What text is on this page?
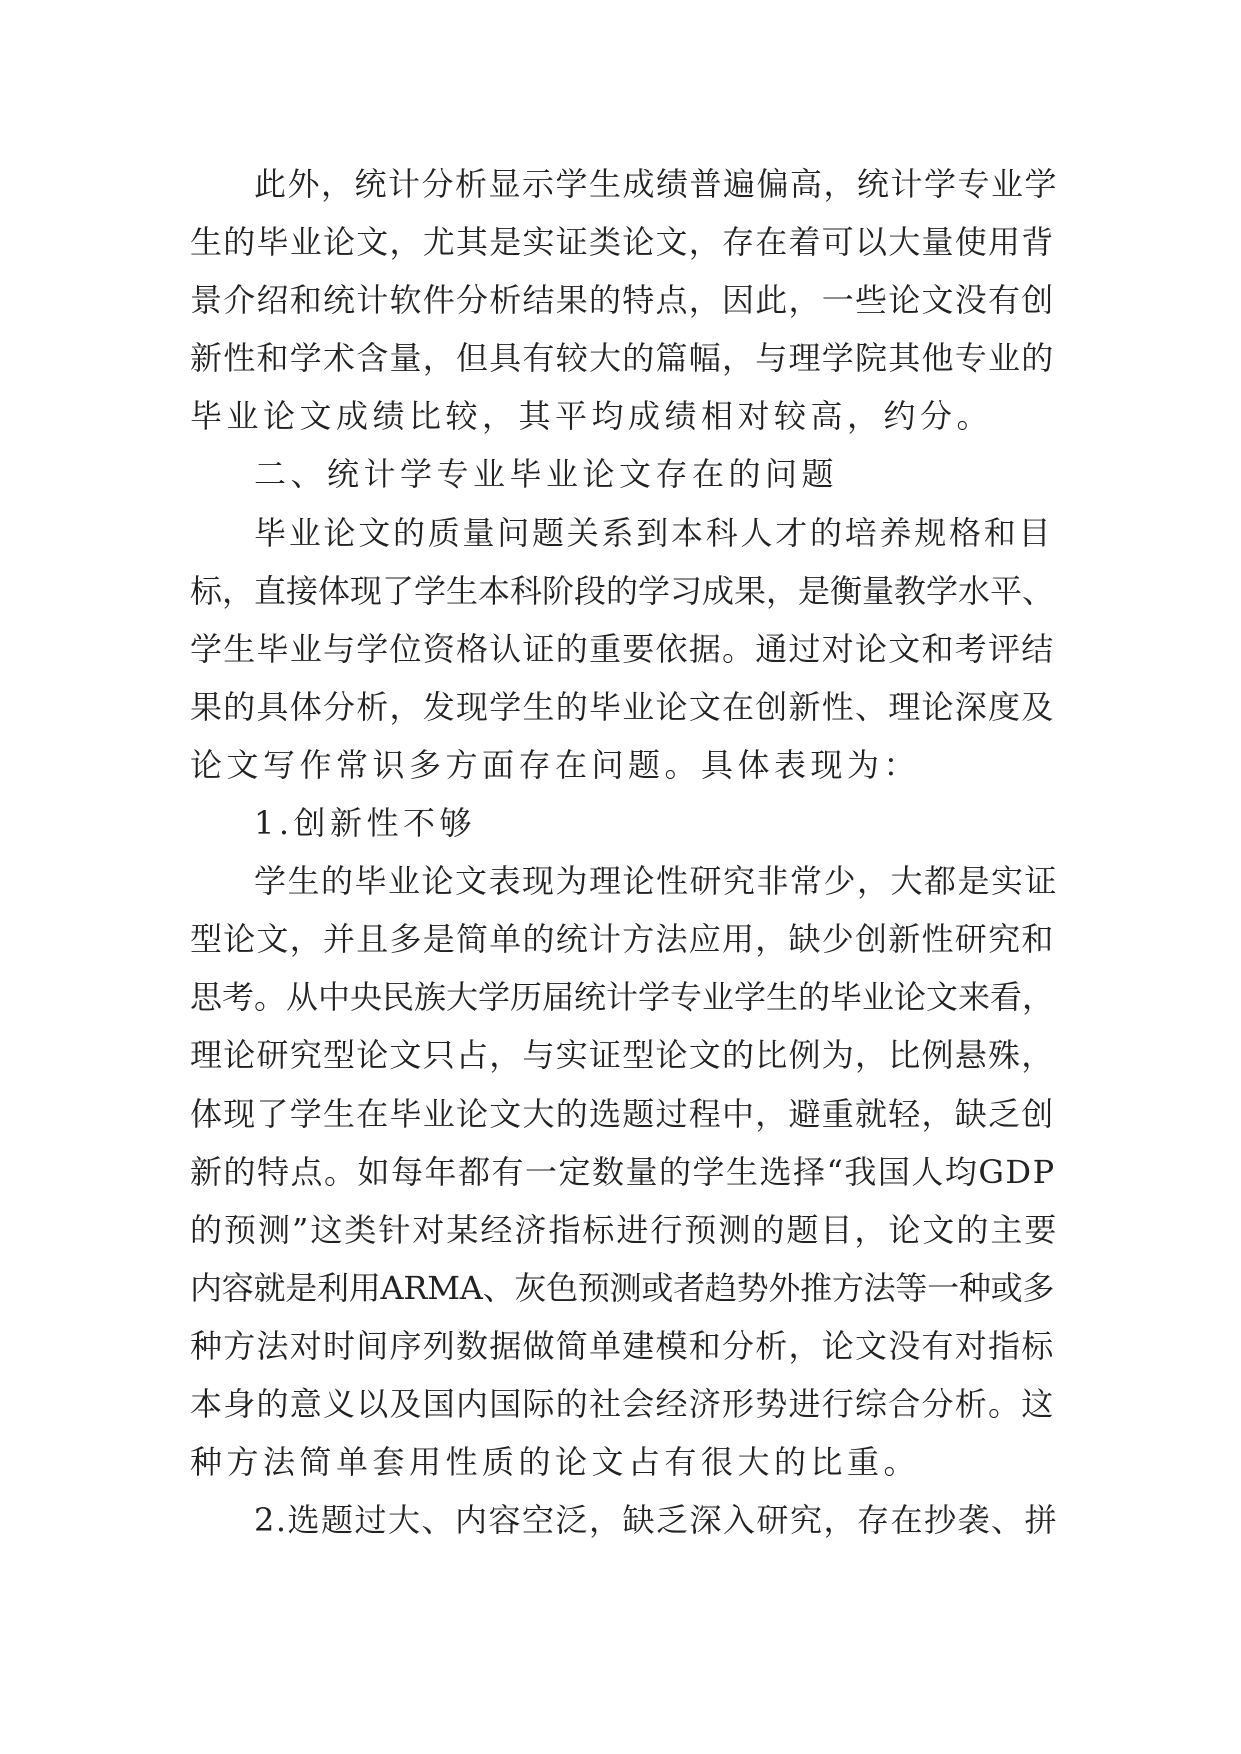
此外，统计分析显示学生成绩普遍偏高，统计学专业学
生的毕业论文，尤其是实证类论文，存在着可以大量使用背
景介绍和统计软件分析结果的特点，因此，一些论文没有创
新性和学术含量，但具有较大的篇幅，与理学院其他专业的
毕业论文成绩比较，其平均成绩相对较高，约分。
二、统计学专业毕业论文存在的问题
毕业论文的质量问题关系到本科人才的培养规格和目
标，直接体现了学生本科阶段的学习成果，是衡量教学水平、
学生毕业与学位资格认证的重要依据。通过对论文和考评结
果的具体分析，发现学生的毕业论文在创新性、理论深度及
论文写作常识多方面存在问题。具体表现为：
1.创新性不够
学生的毕业论文表现为理论性研究非常少，大都是实证
型论文，并且多是简单的统计方法应用，缺少创新性研究和
思考。从中央民族大学历届统计学专业学生的毕业论文来看，
理论研究型论文只占，与实证型论文的比例为，比例悬殊，
体现了学生在毕业论文大的选题过程中，避重就轻，缺乏创
新的特点。如每年都有一定数量的学生选择“我国人均GDP
的预测”这类针对某经济指标进行预测的题目，论文的主要
内容就是利用ARMA、灰色预测或者趋势外推方法等一种或多
种方法对时间序列数据做简单建模和分析，论文没有对指标
本身的意义以及国内国际的社会经济形势进行综合分析。这
种方法简单套用性质的论文占有很大的比重。
2.选题过大、内容空泛，缺乏深入研究，存在抄袭、拼
